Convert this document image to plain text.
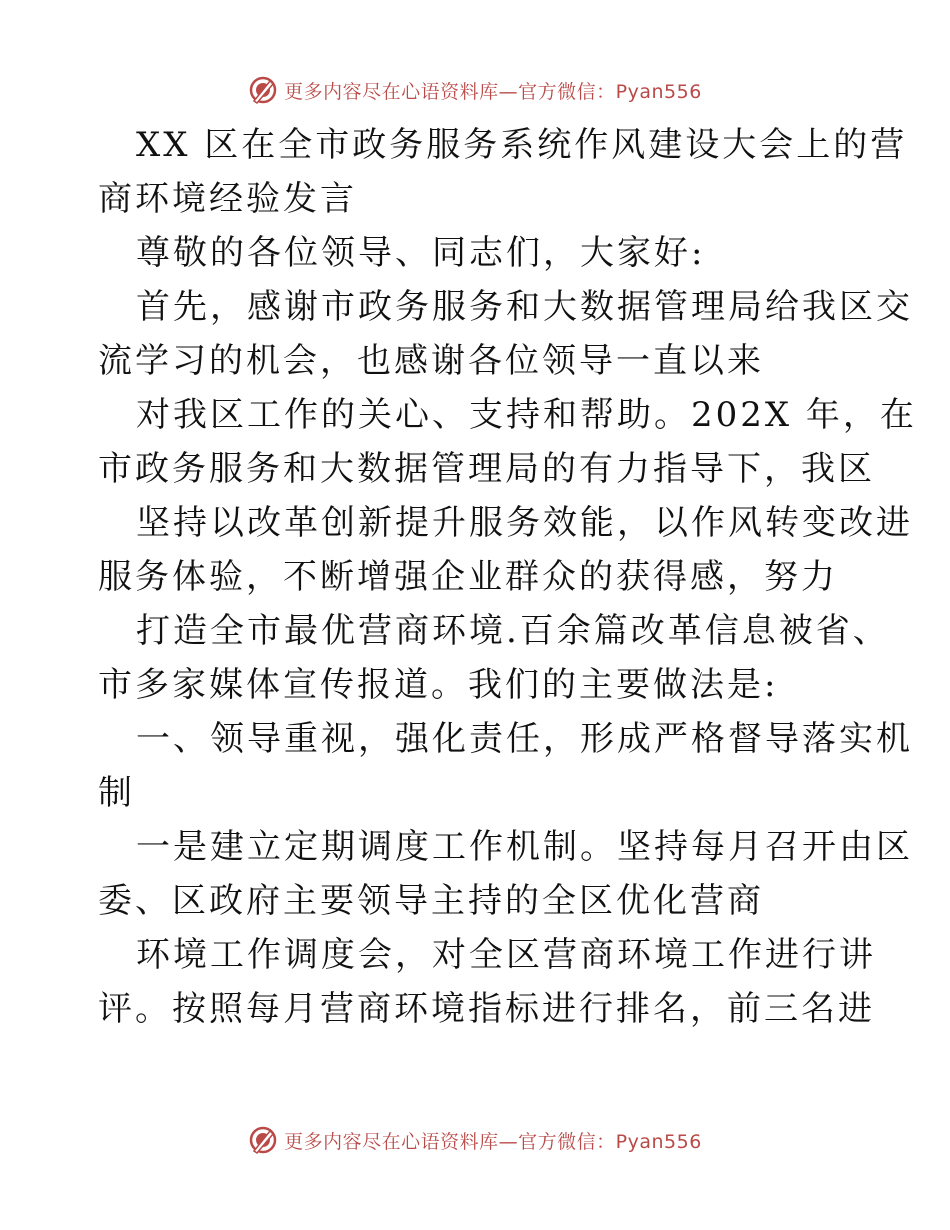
更多内容尽在心语资料库—官方微信：Pyan556
XX 区在全市政务服务系统作风建设大会上的营
商环境经验发言
尊敬的各位领导、同志们，大家好:
首先，感谢市政务服务和大数据管理局给我区交
流学习的机会，也感谢各位领导一直以来
对我区工作的关心、支持和帮助。202X 年，在
市政务服务和大数据管理局的有力指导下，我区
坚持以改革创新提升服务效能，以作风转变改进
服务体验，不断增强企业群众的获得感，努力
打造全市最优营商环境.百余篇改革信息被省、
市多家媒体宣传报道。我们的主要做法是:
一、领导重视，强化责任，形成严格督导落实机
制
一是建立定期调度工作机制。坚持每月召开由区
委、区政府主要领导主持的全区优化营商
环境工作调度会，对全区营商环境工作进行讲
评。按照每月营商环境指标进行排名，前三名进
更多内容尽在心语资料库—官方微信：Pyan556
